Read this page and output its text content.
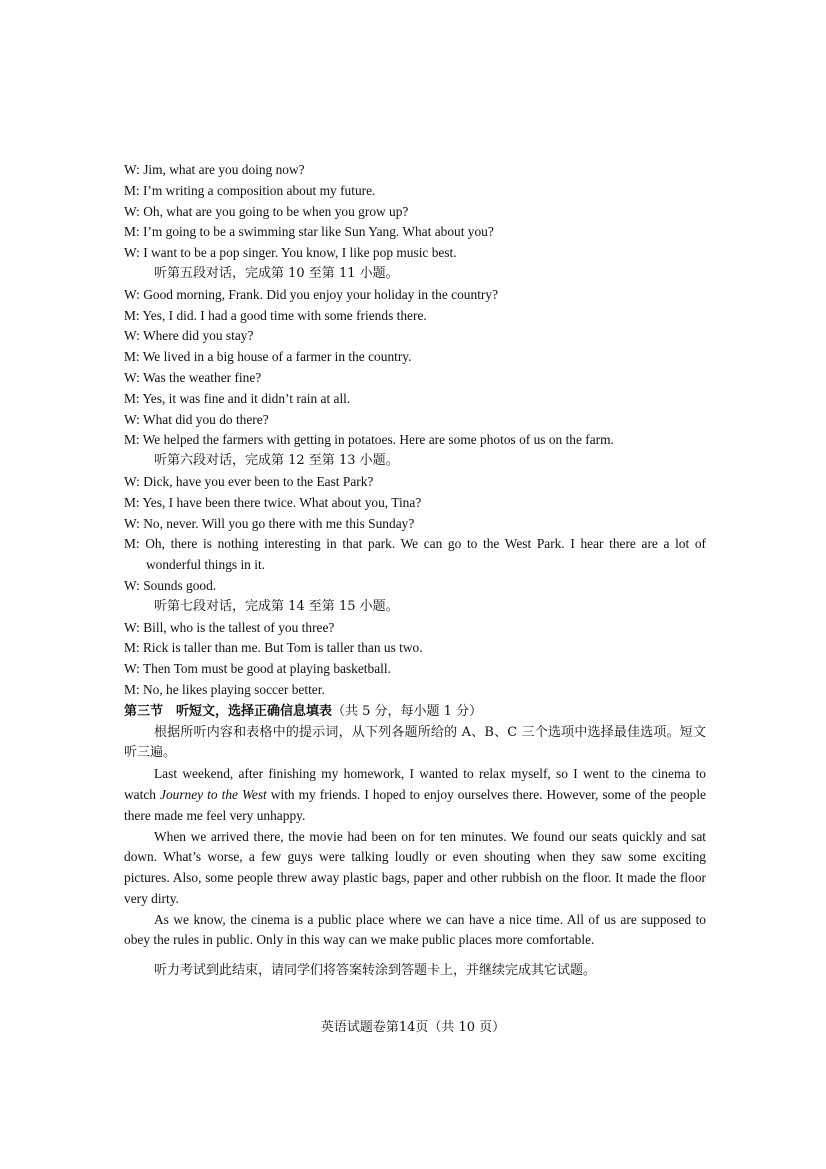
W: Jim, what are you doing now?
M: I’m writing a composition about my future.
W: Oh, what are you going to be when you grow up?
M: I’m going to be a swimming star like Sun Yang. What about you?
W: I want to be a pop singer. You know, I like pop music best.
听第五段对话，完成第 10 至第 11 小题。
W: Good morning, Frank. Did you enjoy your holiday in the country?
M: Yes, I did. I had a good time with some friends there.
W: Where did you stay?
M: We lived in a big house of a farmer in the country.
W: Was the weather fine?
M: Yes, it was fine and it didn’t rain at all.
W: What did you do there?
M: We helped the farmers with getting in potatoes. Here are some photos of us on the farm.
听第六段对话，完成第 12 至第 13 小题。
W: Dick, have you ever been to the East Park?
M: Yes, I have been there twice. What about you, Tina?
W: No, never. Will you go there with me this Sunday?
M: Oh, there is nothing interesting in that park. We can go to the West Park. I hear there are a lot of wonderful things in it.
W: Sounds good.
听第七段对话，完成第 14 至第 15 小题。
W: Bill, who is the tallest of you three?
M: Rick is taller than me. But Tom is taller than us two.
W: Then Tom must be good at playing basketball.
M: No, he likes playing soccer better.
第三节　听短文，选择正确信息填表（共 5 分，每小题 1 分）
根据所听内容和表格中的提示词，从下列各题所给的 A、B、C 三个选项中选择最佳选项。短文听三遍。
Last weekend, after finishing my homework, I wanted to relax myself, so I went to the cinema to watch Journey to the West with my friends. I hoped to enjoy ourselves there. However, some of the people there made me feel very unhappy.
When we arrived there, the movie had been on for ten minutes. We found our seats quickly and sat down. What’s worse, a few guys were talking loudly or even shouting when they saw some exciting pictures. Also, some people threw away plastic bags, paper and other rubbish on the floor. It made the floor very dirty.
As we know, the cinema is a public place where we can have a nice time. All of us are supposed to obey the rules in public. Only in this way can we make public places more comfortable.
听力考试到此结束，请同学们将答案转涂到答题卡上，并继续完成其它试题。
英语试题卷第14页（共 10 页）
